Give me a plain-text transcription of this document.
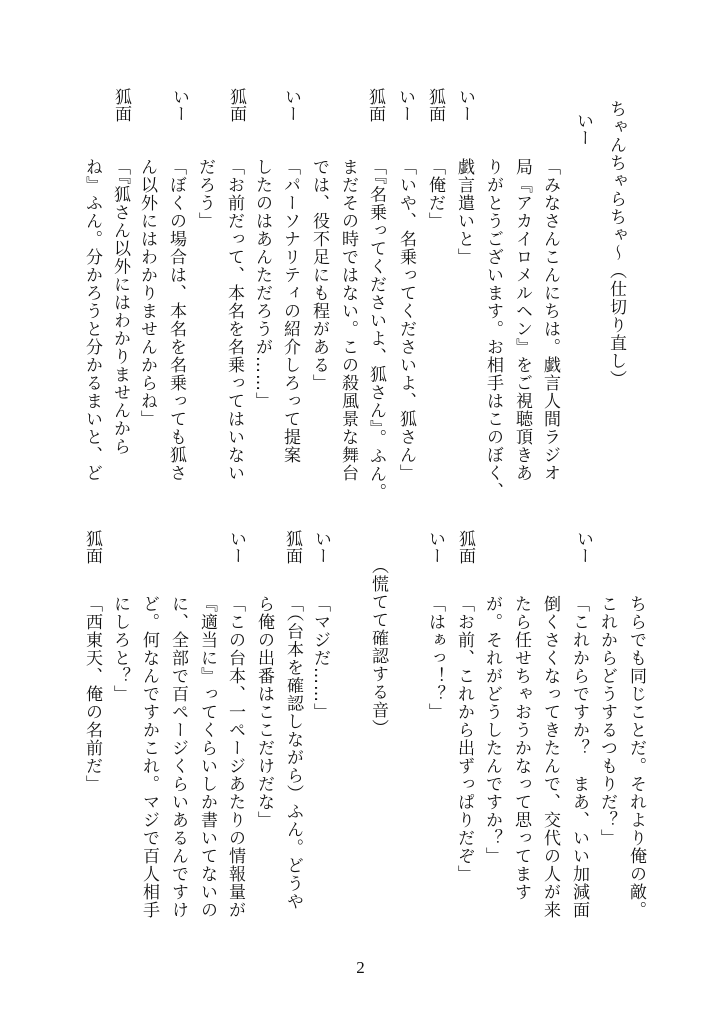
いー
いー
狐面
いー
狐面
いー
狐面
いー
狐面	ちゃんちゃらちゃ～（仕切り直し）
「みなさんこんにちは。戯言人間ラジオ
局『アカイロメルヘン』をご視聴頂きあ
りがとうございます。お相手はこのぼく、
戯言遣いと」
「俺だ」
「いや、名乗ってくださいよ、狐さん」
「『名乗ってくださいよ、狐さん』。ふん。
まだその時ではない。この殺風景な舞台
では、役不足にも程がある」
「パーソナリティの紹介しろって提案
したのはあんただろうが……」
「お前だって、本名を名乗ってはいない
だろう」
「ぼくの場合は、本名を名乗っても狐さ
ん以外にはわかりませんからね」
「『狐さん以外にはわかりませんから
ね』ふん。分かろうと分かるまいと、ど
いー
狐面
いー
いー
狐面
いー
狐面
ちらでも同じことだ。それより俺の敵。
これからどうするつもりだ？」
「これからですか？　まあ、いい加減面
倒くさくなってきたんで、交代の人が来
たら任せちゃおうかなって思ってます
が。それがどうしたんですか？」
「お前、これから出ずっぱりだぞ」
「はぁっ！？」
（慌てて確認する音）
「マジだ……」
「（台本を確認しながら）ふん。どうや
ら俺の出番はここだけだな」
「この台本、一ページあたりの情報量が
『適当に』ってくらいしか書いてないの
に、全部で百ページくらいあるんですけ
ど。何なんですかこれ。マジで百人相手
にしろと？」
「西東天、俺の名前だ」
2
